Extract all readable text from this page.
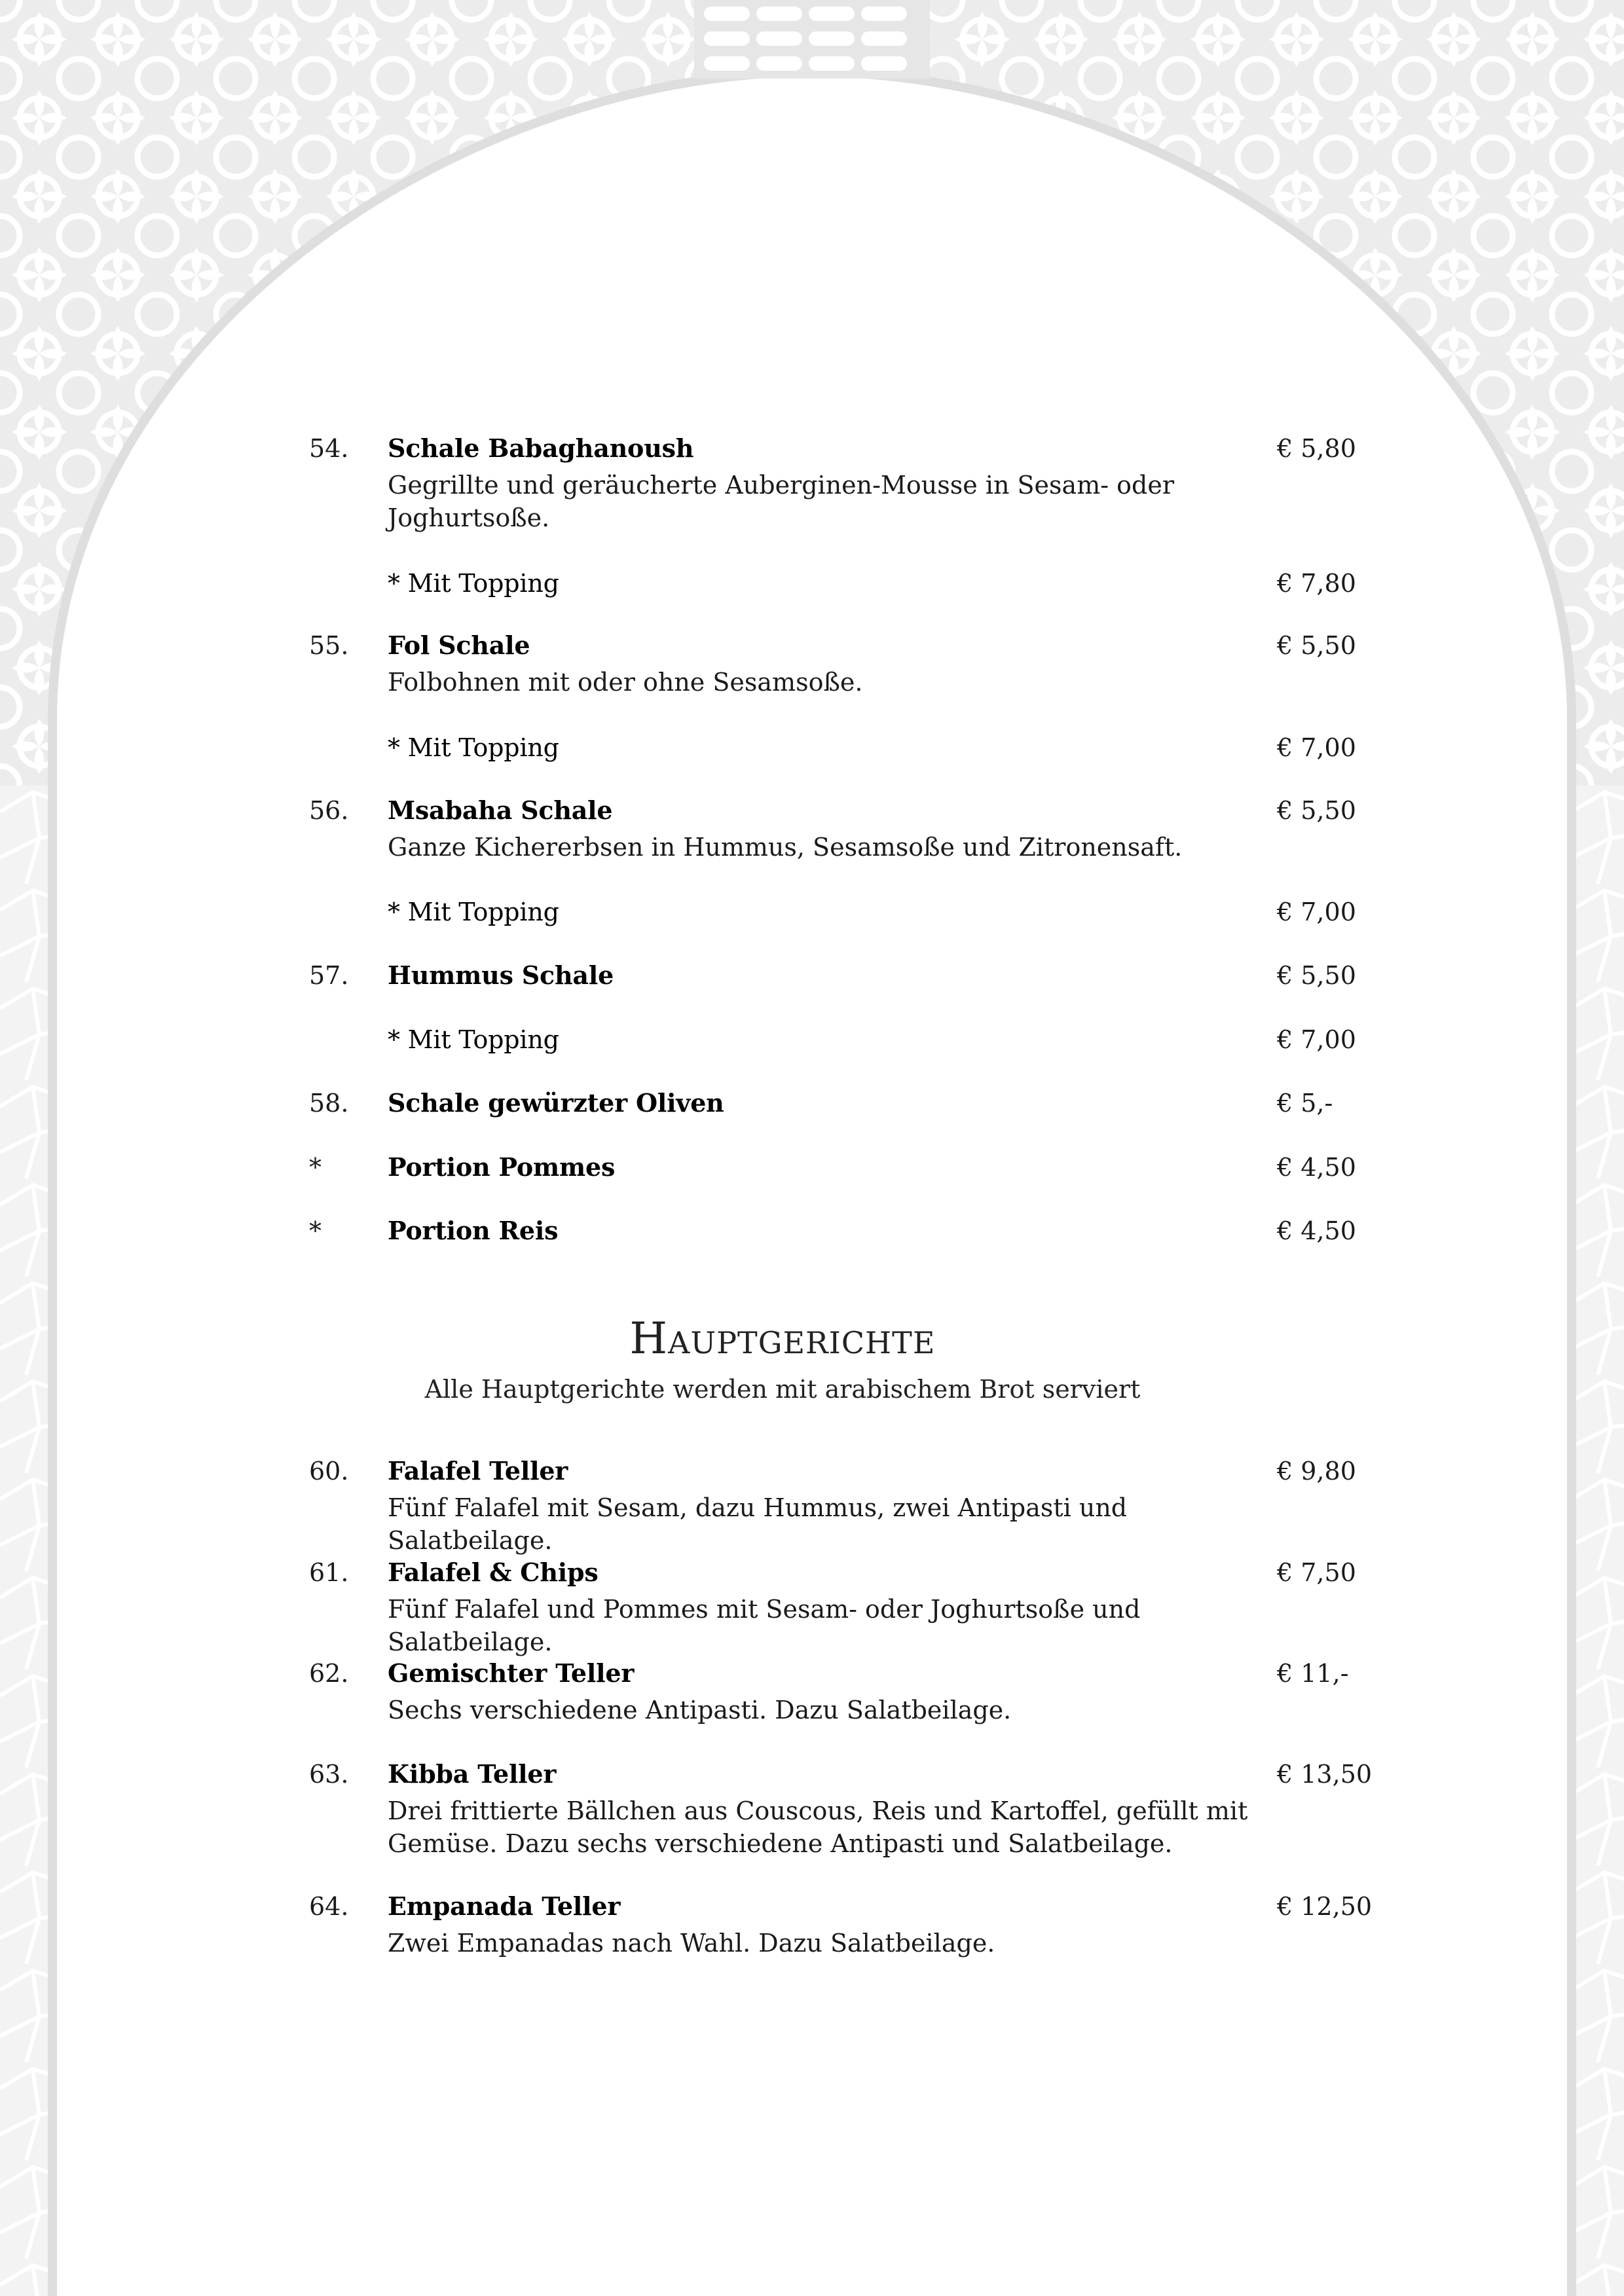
54.	Schale Babaghanoush	€ 5,80
Gegrillte und geräucherte Auberginen-Mousse in Sesam- oder Joghurtsoße.
* Mit Topping	€ 7,80
55.	Fol Schale	€ 5,50
Folbohnen mit oder ohne Sesamsoße.
* Mit Topping	€ 7,00
56.	Msabaha Schale	€ 5,50
Ganze Kichererbsen in Hummus, Sesamsoße und Zitronensaft.
* Mit Topping	€ 7,00
57.	Hummus Schale	€ 5,50
* Mit Topping	€ 7,00
58.	Schale gewürzter Oliven	€ 5,-
*	Portion Pommes	€ 4,50
*	Portion Reis	€ 4,50
Hauptgerichte
Alle Hauptgerichte werden mit arabischem Brot serviert
60.	Falafel Teller	€ 9,80
Fünf Falafel mit Sesam, dazu Hummus, zwei Antipasti und Salatbeilage.
61.	Falafel & Chips	€ 7,50
Fünf Falafel und Pommes mit Sesam- oder Joghurtsoße und Salatbeilage.
62.	Gemischter Teller	€ 11,-
Sechs verschiedene Antipasti. Dazu Salatbeilage.
63.	Kibba Teller	€ 13,50
Drei frittierte Bällchen aus Couscous, Reis und Kartoffel, gefüllt mit Gemüse. Dazu sechs verschiedene Antipasti und Salatbeilage.
64.	Empanada Teller	€ 12,50
Zwei Empanadas nach Wahl. Dazu Salatbeilage.
